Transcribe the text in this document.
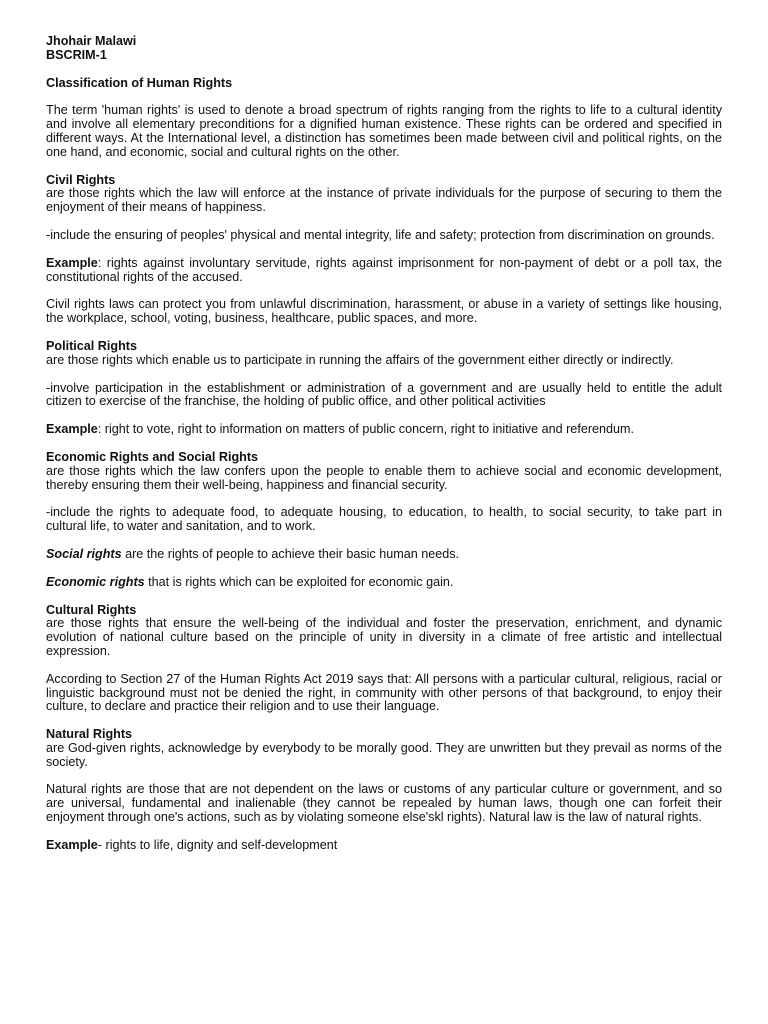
Jhohair Malawi

BSCRIM-1

Classification of Human Rights

The term 'human rights' is used to denote a broad spectrum of rights ranging from the rights to life to a cultural identity and involve all elementary preconditions for a dignified human existence. These rights can be ordered and specified in different ways. At the International level, a distinction has sometimes been made between civil and political rights, on the one hand, and economic, social and cultural rights on the other.

Civil Rights

are those rights which the law will enforce at the instance of private individuals for the purpose of securing to them the enjoyment of their means of happiness.

-include the ensuring of peoples' physical and mental integrity, life and safety; protection from discrimination on grounds.

Example: rights against involuntary servitude, rights against imprisonment for non-payment of debt or a poll tax, the constitutional rights of the accused.

Civil rights laws can protect you from unlawful discrimination, harassment, or abuse in a variety of settings like housing, the workplace, school, voting, business, healthcare, public spaces, and more.

Political Rights

are those rights which enable us to participate in running the affairs of the government either directly or indirectly.

-involve participation in the establishment or administration of a government and are usually held to entitle the adult citizen to exercise of the franchise, the holding of public office, and other political activities

Example: right to vote, right to information on matters of public concern, right to initiative and referendum.

Economic Rights and Social Rights

are those rights which the law confers upon the people to enable them to achieve social and economic development, thereby ensuring them their well-being, happiness and financial security.

-include the rights to adequate food, to adequate housing, to education, to health, to social security, to take part in cultural life, to water and sanitation, and to work.

Social rights are the rights of people to achieve their basic human needs.

Economic rights that is rights which can be exploited for economic gain.

Cultural Rights

are those rights that ensure the well-being of the individual and foster the preservation, enrichment, and dynamic evolution of national culture based on the principle of unity in diversity in a climate of free artistic and intellectual expression.

According to Section 27 of the Human Rights Act 2019 says that: All persons with a particular cultural, religious, racial or linguistic background must not be denied the right, in community with other persons of that background, to enjoy their culture, to declare and practice their religion and to use their language.

Natural Rights

are God-given rights, acknowledge by everybody to be morally good. They are unwritten but they prevail as norms of the society.

Natural rights are those that are not dependent on the laws or customs of any particular culture or government, and so are universal, fundamental and inalienable (they cannot be repealed by human laws, though one can forfeit their enjoyment through one's actions, such as by violating someone else'skl rights). Natural law is the law of natural rights.

Example- rights to life, dignity and self-development
